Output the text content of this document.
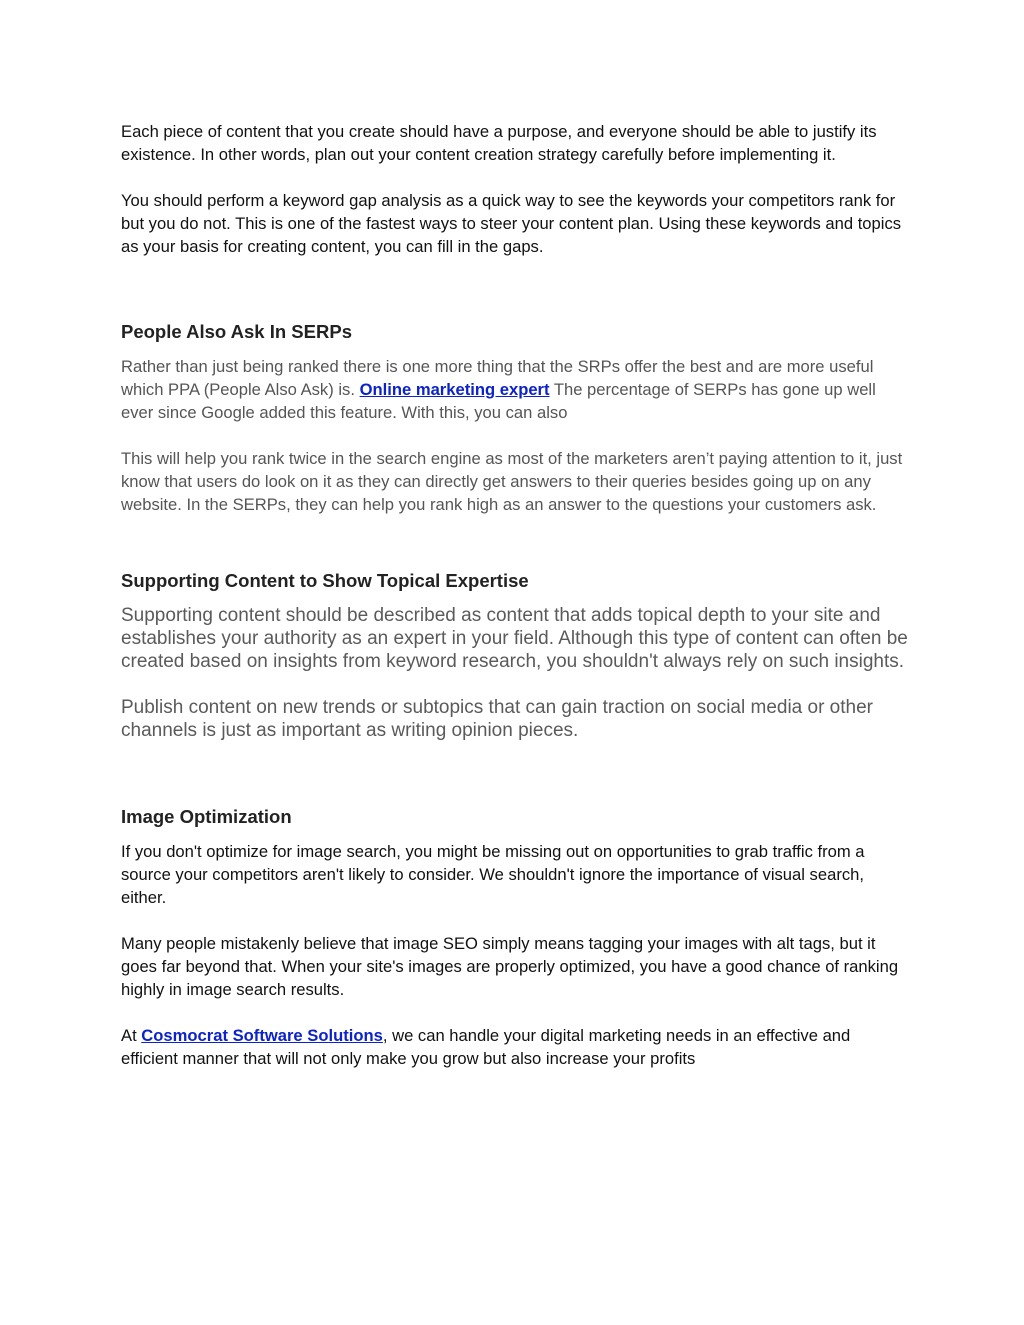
Each piece of content that you create should have a purpose, and everyone should be able to justify its existence. In other words, plan out your content creation strategy carefully before implementing it.

You should perform a keyword gap analysis as a quick way to see the keywords your competitors rank for but you do not. This is one of the fastest ways to steer your content plan. Using these keywords and topics as your basis for creating content, you can fill in the gaps.

People Also Ask In SERPs

Rather than just being ranked there is one more thing that the SRPs offer the best and are more useful which PPA (People Also Ask) is. Online marketing expert The percentage of SERPs has gone up well ever since Google added this feature. With this, you can also

This will help you rank twice in the search engine as most of the marketers aren’t paying attention to it, just know that users do look on it as they can directly get answers to their queries besides going up on any website. In the SERPs, they can help you rank high as an answer to the questions your customers ask.

Supporting Content to Show Topical Expertise

Supporting content should be described as content that adds topical depth to your site and establishes your authority as an expert in your field. Although this type of content can often be created based on insights from keyword research, you shouldn't always rely on such insights.

Publish content on new trends or subtopics that can gain traction on social media or other channels is just as important as writing opinion pieces.

Image Optimization

If you don't optimize for image search, you might be missing out on opportunities to grab traffic from a source your competitors aren't likely to consider. We shouldn't ignore the importance of visual search, either.

Many people mistakenly believe that image SEO simply means tagging your images with alt tags, but it goes far beyond that. When your site's images are properly optimized, you have a good chance of ranking highly in image search results.

At Cosmocrat Software Solutions, we can handle your digital marketing needs in an effective and efficient manner that will not only make you grow but also increase your profits
